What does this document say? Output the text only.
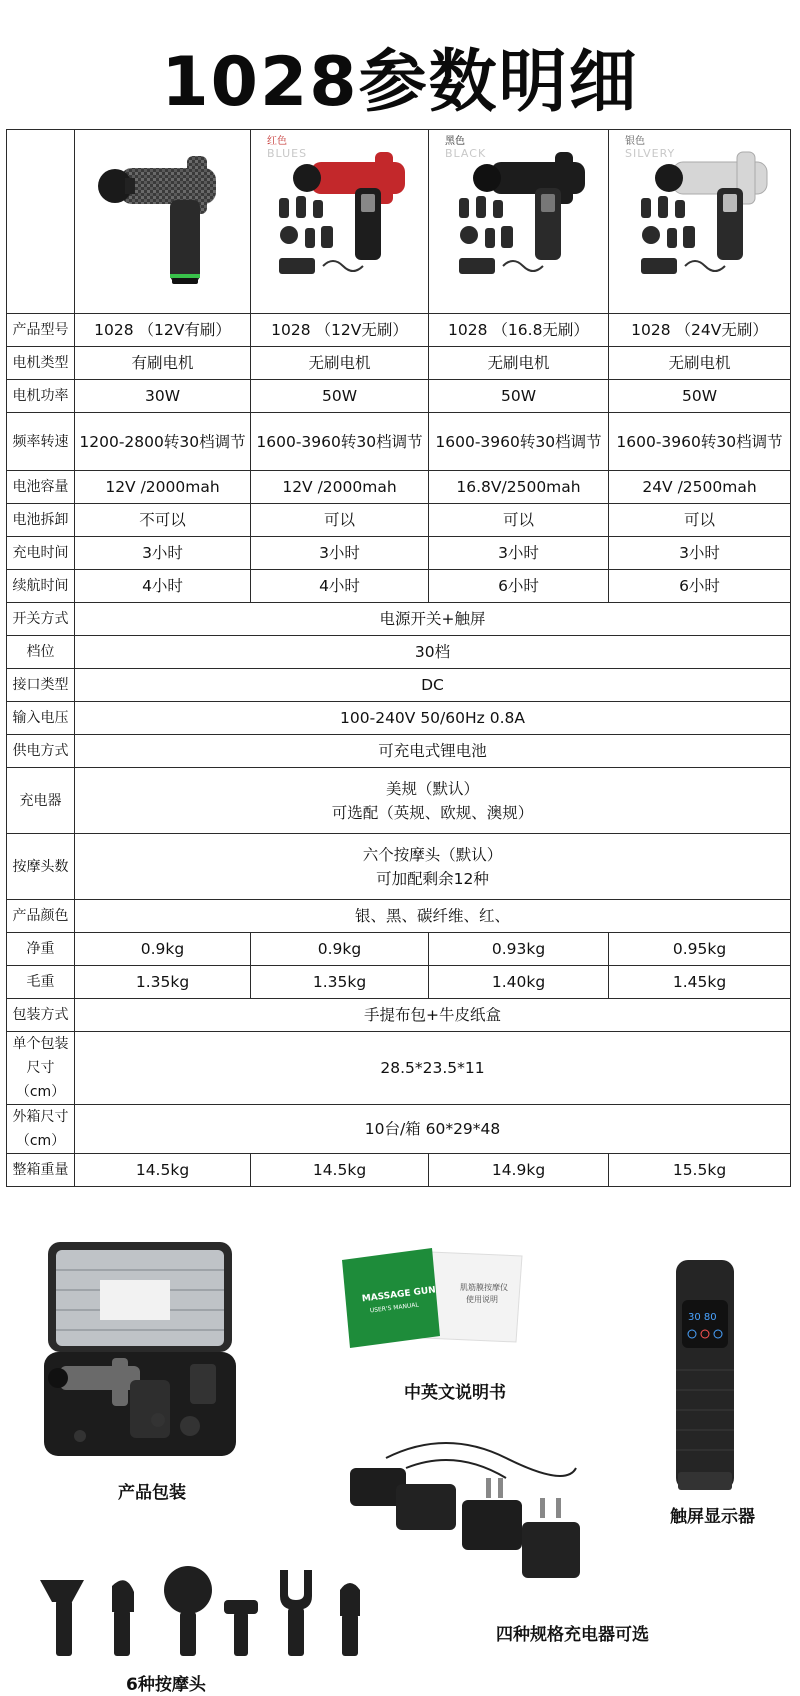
1028参数明细

红色
BLUES	黑色
BLACK	银色
SILVERY

产品型号	1028 （12V有刷）	1028 （12V无刷）	1028 （16.8无刷）	1028 （24V无刷）
电机类型	有刷电机	无刷电机	无刷电机	无刷电机
电机功率	30W	50W	50W	50W
频率转速	1200-2800转30档调节	1600-3960转30档调节	1600-3960转30档调节	1600-3960转30档调节
电池容量	12V /2000mah	12V /2000mah	16.8V/2500mah	24V /2500mah
电池拆卸	不可以	可以	可以	可以
充电时间	3小时	3小时	3小时	3小时
续航时间	4小时	4小时	6小时	6小时
开关方式	电源开关+触屏			
档位	30档			
接口类型	DC			
输入电压	100-240V 50/60Hz 0.8A			
供电方式	可充电式锂电池			
充电器	美规（默认）
可选配（英规、欧规、澳规）			

按摩头数	六个按摩头（默认）
可加配剩余12种			

产品颜色	银、黑、碳纤维、红、			
净重	0.9kg	0.9kg	0.93kg	0.95kg
毛重	1.35kg	1.35kg	1.40kg	1.45kg
包装方式	手提布包+牛皮纸盒			
单个包装尺寸（cm）	28.5*23.5*11			
外箱尺寸（cm）	10台/箱 60*29*48			
整箱重量	14.5kg	14.5kg	14.9kg	15.5kg
产品包装
肌筋膜按摩仪
使用说明
MASSAGE GUN
USER'S MANUAL
中英文说明书
30 80
触屏显示器
四种规格充电器可选
6种按摩头
